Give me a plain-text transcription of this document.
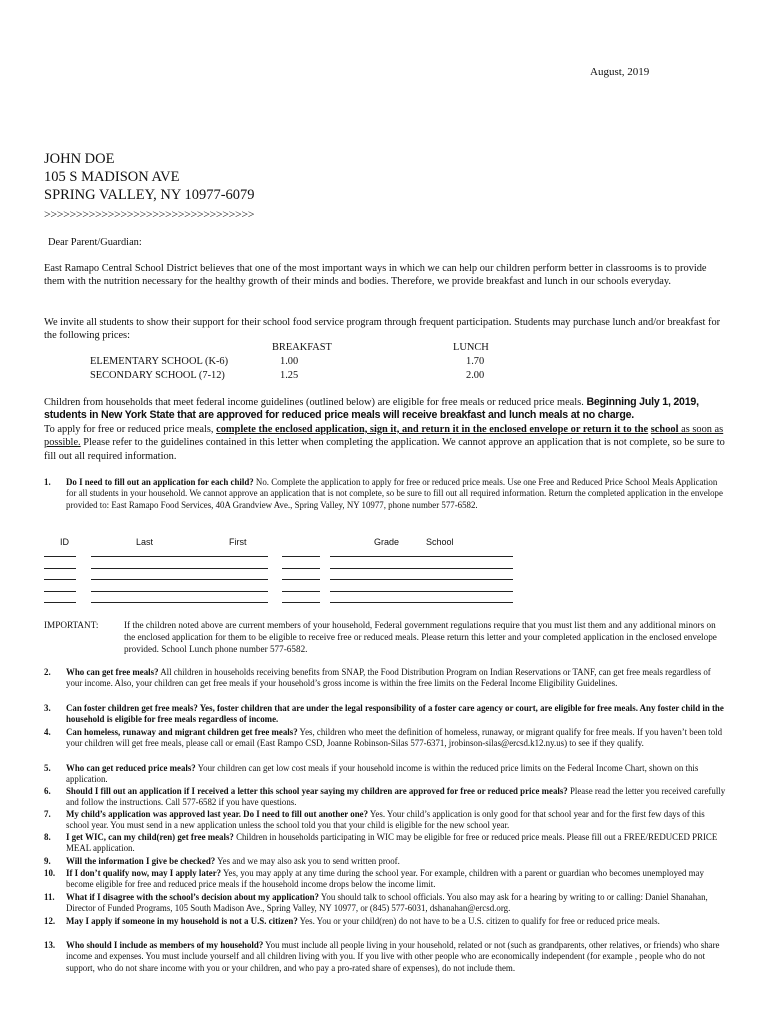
August, 2019
JOHN DOE
105 S MADISON AVE
SPRING VALLEY, NY 10977-6079
>>>>>>>>>>>>>>>>>>>>>>>>>>>>>>>>>
Dear Parent/Guardian:
East Ramapo Central School District believes that one of the most important ways in which we can help our children perform better in classrooms is to provide them with the nutrition necessary for the healthy growth of their minds and bodies. Therefore, we provide breakfast and lunch in our schools everyday.
We invite all students to show their support for their school food service program through frequent participation. Students may purchase lunch and/or breakfast for the following prices:
BREAKFAST	LUNCH
ELEMENTARY SCHOOL (K-6)	1.00	1.70
SECONDARY SCHOOL (7-12)	1.25	2.00
Children from households that meet federal income guidelines (outlined below) are eligible for free meals or reduced price meals. Beginning July 1, 2019, students in New York State that are approved for reduced price meals will receive breakfast and lunch meals at no charge.
To apply for free or reduced price meals, complete the enclosed application, sign it, and return it in the enclosed envelope or return it to the school as soon as possible. Please refer to the guidelines contained in this letter when completing the application. We cannot approve an application that is not complete, so be sure to fill out all required information.
1.	Do I need to fill out an application for each child? No. Complete the application to apply for free or reduced price meals. Use one Free and Reduced Price School Meals Application for all students in your household. We cannot approve an application that is not complete, so be sure to fill out all required information. Return the completed application in the envelope provided to: East Ramapo Food Services, 40A Grandview Ave., Spring Valley, NY 10977, phone number 577-6582.
ID	Last	First	Grade	School
IMPORTANT:	If the children noted above are current members of your household, Federal government regulations require that you must list them and any additional minors on the enclosed application for them to be eligible to receive free or reduced meals. Please return this letter and your completed application in the enclosed envelope provided. School Lunch phone number 577-6582.
2.	Who can get free meals? All children in households receiving benefits from SNAP, the Food Distribution Program on Indian Reservations or TANF, can get free meals regardless of your income. Also, your children can get free meals if your household’s gross income is within the free limits on the Federal Income Eligibility Guidelines.
3.	Can foster children get free meals? Yes, foster children that are under the legal responsibility of a foster care agency or court, are eligible for free meals. Any foster child in the household is eligible for free meals regardless of income.
4.	Can homeless, runaway and migrant children get free meals? Yes, children who meet the definition of homeless, runaway, or migrant qualify for free meals. If you haven’t been told your children will get free meals, please call or email (East Rampo CSD, Joanne Robinson-Silas 577-6371, jrobinson-silas@ercsd.k12.ny.us) to see if they qualify.
5.	Who can get reduced price meals? Your children can get low cost meals if your household income is within the reduced price limits on the Federal Income Chart, shown on this application.
6.	Should I fill out an application if I received a letter this school year saying my children are approved for free or reduced price meals? Please read the letter you received carefully and follow the instructions. Call 577-6582 if you have questions.
7.	My child’s application was approved last year. Do I need to fill out another one? Yes. Your child’s application is only good for that school year and for the first few days of this school year. You must send in a new application unless the school told you that your child is eligible for the new school year.
8.	I get WIC, can my child(ren) get free meals? Children in households participating in WIC may be eligible for free or reduced price meals. Please fill out a FREE/REDUCED PRICE MEAL application.
9.	Will the information I give be checked? Yes and we may also ask you to send written proof.
10.	If I don’t qualify now, may I apply later? Yes, you may apply at any time during the school year. For example, children with a parent or guardian who becomes unemployed may become eligible for free and reduced price meals if the household income drops below the income limit.
11.	What if I disagree with the school’s decision about my application? You should talk to school officials. You also may ask for a hearing by writing to or calling: Daniel Shanahan, Director of Funded Programs, 105 South Madison Ave., Spring Valley, NY 10977, or (845) 577-6031, dshanahan@ercsd.org.
12.	May I apply if someone in my household is not a U.S. citizen? Yes. You or your child(ren) do not have to be a U.S. citizen to qualify for free or reduced price meals.
13.	Who should I include as members of my household? You must include all people living in your household, related or not (such as grandparents, other relatives, or friends) who share income and expenses. You must include yourself and all children living with you. If you live with other people who are economically independent (for example , people who do not support, who do not share income with you or your children, and who pay a pro-rated share of expenses), do not include them.
